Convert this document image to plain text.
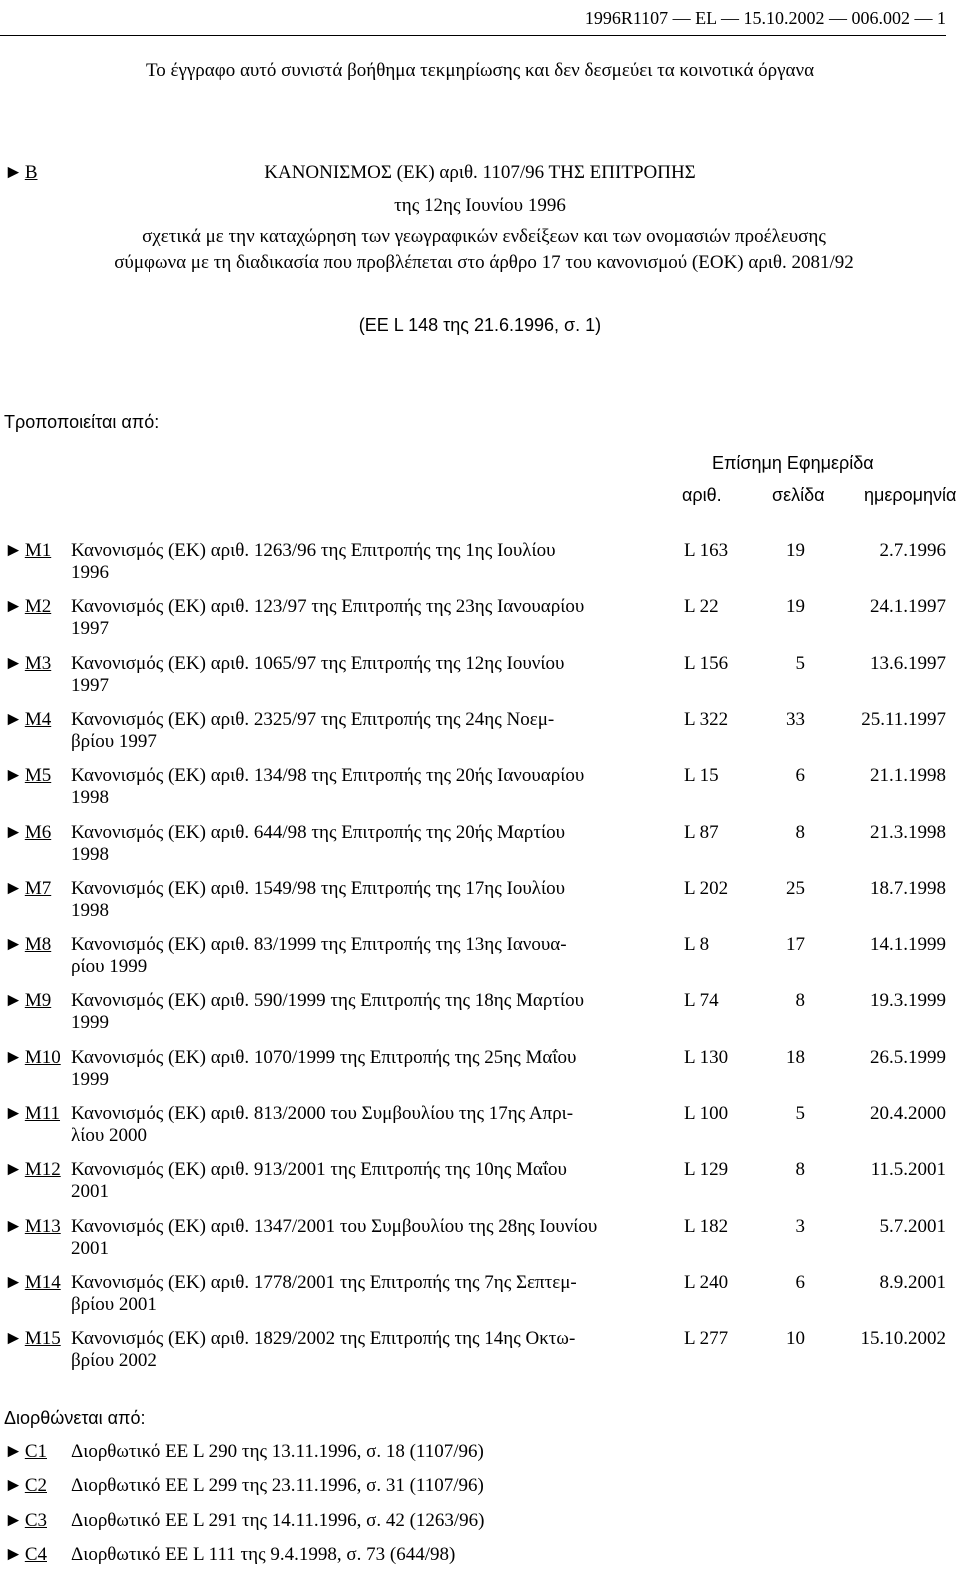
1996R1107 — EL — 15.10.2002 — 006.002 — 1
Το έγγραφο αυτό συνιστά βοήθημα τεκμηρίωσης και δεν δεσμεύει τα κοινοτικά όργανα
► B	ΚΑΝΟΝΙΣΜΟΣ (ΕΚ) αριθ. 1107/96 ΤΗΣ ΕΠΙΤΡΟΠΗΣ
της 12ης Ιουνίου 1996
σχετικά με την καταχώρηση των γεωγραφικών ενδείξεων και των ονομασιών προέλευσης
σύμφωνα με τη διαδικασία που προβλέπεται στο άρθρο 17 του κανονισμού (ΕΟΚ) αριθ. 2081/92
(ΕΕ L 148 της 21.6.1996, σ. 1)
Τροποποιείται από:
Επίσημη Εφημερίδα
αριθ.	σελίδα ημερομηνία
► M1 Κανονισμός (ΕΚ) αριθ. 1263/96 της Επιτροπής της 1ης Ιουλίου
1996
L 163	19	2.7.1996
► M2 Κανονισμός (ΕΚ) αριθ. 123/97 της Επιτροπής της 23ης Ιανουαρίου
1997
L 22	19	24.1.1997
► M3 Κανονισμός (ΕΚ) αριθ. 1065/97 της Επιτροπής της 12ης Ιουνίου
1997
L 156	5	13.6.1997
► M4 Κανονισμός (ΕΚ) αριθ. 2325/97 της Επιτροπής της 24ης Νοεμ-
βρίου 1997
L 322	33	25.11.1997
► M5 Κανονισμός (ΕΚ) αριθ. 134/98 της Επιτροπής της 20ής Ιανουαρίου
1998
L 15	6	21.1.1998
► M6 Κανονισμός (ΕΚ) αριθ. 644/98 της Επιτροπής της 20ής Μαρτίου
1998
L 87	8	21.3.1998
► M7 Κανονισμός (ΕΚ) αριθ. 1549/98 της Επιτροπής της 17ης Ιουλίου
1998
L 202	25	18.7.1998
► M8 Κανονισμός (ΕΚ) αριθ. 83/1999 της Επιτροπής της 13ης Ιανουα-
ρίου 1999
L 8	17	14.1.1999
► M9 Κανονισμός (ΕΚ) αριθ. 590/1999 της Επιτροπής της 18ης Μαρτίου
1999
L 74	8	19.3.1999
► M10 Κανονισμός (ΕΚ) αριθ. 1070/1999 της Επιτροπής της 25ης Μαΐου
1999
L 130	18	26.5.1999
► M11 Κανονισμός (ΕΚ) αριθ. 813/2000 του Συμβουλίου της 17ης Απρι-
λίου 2000
L 100	5	20.4.2000
► M12 Κανονισμός (ΕΚ) αριθ. 913/2001 της Επιτροπής της 10ης Μαΐου
2001
L 129	8	11.5.2001
► M13 Κανονισμός (ΕΚ) αριθ. 1347/2001 του Συμβουλίου της 28ης Ιουνίου
2001
L 182	3	5.7.2001
► M14 Κανονισμός (ΕΚ) αριθ. 1778/2001 της Επιτροπής της 7ης Σεπτεμ-
βρίου 2001
L 240	6	8.9.2001
► M15 Κανονισμός (ΕΚ) αριθ. 1829/2002 της Επιτροπής της 14ης Οκτω-
βρίου 2002
L 277	10	15.10.2002
Διορθώνεται από:
► C1 Διορθωτικό ΕΕ L 290 της 13.11.1996, σ. 18 (1107/96)
► C2 Διορθωτικό ΕΕ L 299 της 23.11.1996, σ. 31 (1107/96)
► C3 Διορθωτικό ΕΕ L 291 της 14.11.1996, σ. 42 (1263/96)
► C4 Διορθωτικό ΕΕ L 111 της 9.4.1998, σ. 73 (644/98)
